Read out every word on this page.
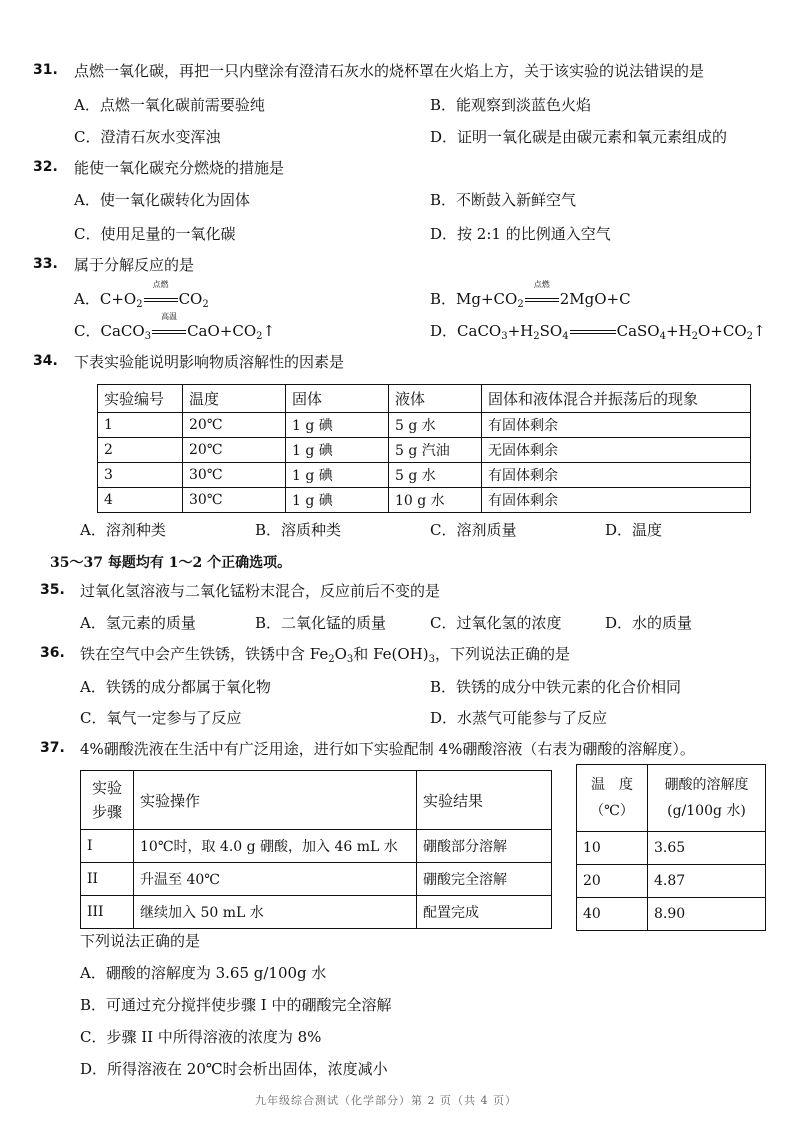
31. 点燃一氧化碳，再把一只内壁涂有澄清石灰水的烧杯罩在火焰上方，关于该实验的说法错误的是
A．点燃一氧化碳前需要验纯	B．能观察到淡蓝色火焰
C．澄清石灰水变浑浊	D．证明一氧化碳是由碳元素和氧元素组成的
32. 能使一氧化碳充分燃烧的措施是
A．使一氧化碳转化为固体	B．不断鼓入新鲜空气
C．使用足量的一氧化碳	D．按 2:1 的比例通入空气
33. 属于分解反应的是
A．$C+O_2$
点燃
$CO_2$	B．$Mg+CO_2$
点燃
2MgO+C
C．CaCO$_3$
高温
$CaO+CO_2↑$	D．$CaCO_3+H_2SO_4$	$CaSO_4+H_2O+CO_2↑$
34. 下表实验能说明影响物质溶解性的因素是
实验编号	温度	固体	液体	固体和液体混合并振荡后的现象
1	20℃	1 g 碘	5 g 水	有固体剩余
2	20℃	1 g 碘	5 g 汽油	无固体剩余
3	30℃	1 g 碘	5 g 水	有固体剩余
4	30℃	1 g 碘	10 g 水	有固体剩余
A．溶剂种类	B．溶质种类	C．溶剂质量	D．温度
35～37 每题均有 1～2 个正确选项。
35. 过氧化氢溶液与二氧化锰粉末混合，反应前后不变的是
A．氢元素的质量	B．二氧化锰的质量	C．过氧化氢的浓度	D．水的质量
36. 铁在空气中会产生铁锈，铁锈中含 $Fe_2O_3$和 $Fe(OH)_3$，下列说法正确的是
A．铁锈的成分都属于氧化物	B．铁锈的成分中铁元素的化合价相同
C．氧气一定参与了反应	D．水蒸气可能参与了反应
37. 4%硼酸洗液在生活中有广泛用途，进行如下实验配制 4%硼酸溶液（右表为硼酸的溶解度）。
实验
步骤	实验操作	实验结果
I	10℃时，取 4.0 g 硼酸，加入 46 mL 水	硼酸部分溶解
II	升温至 40℃	硼酸完全溶解
III	继续加入 50 mL 水	配置完成
温　度
（℃）	硼酸的溶解度
(g/100g 水)
10	3.65
20	4.87
40	8.90
下列说法正确的是
A．硼酸的溶解度为 3.65 g/100g 水
B．可通过充分搅拌使步骤 I 中的硼酸完全溶解
C．步骤 II 中所得溶液的浓度为 8%
D．所得溶液在 20℃时会析出固体，浓度减小
九年级综合测试（化学部分）第 2 页（共 4 页）
